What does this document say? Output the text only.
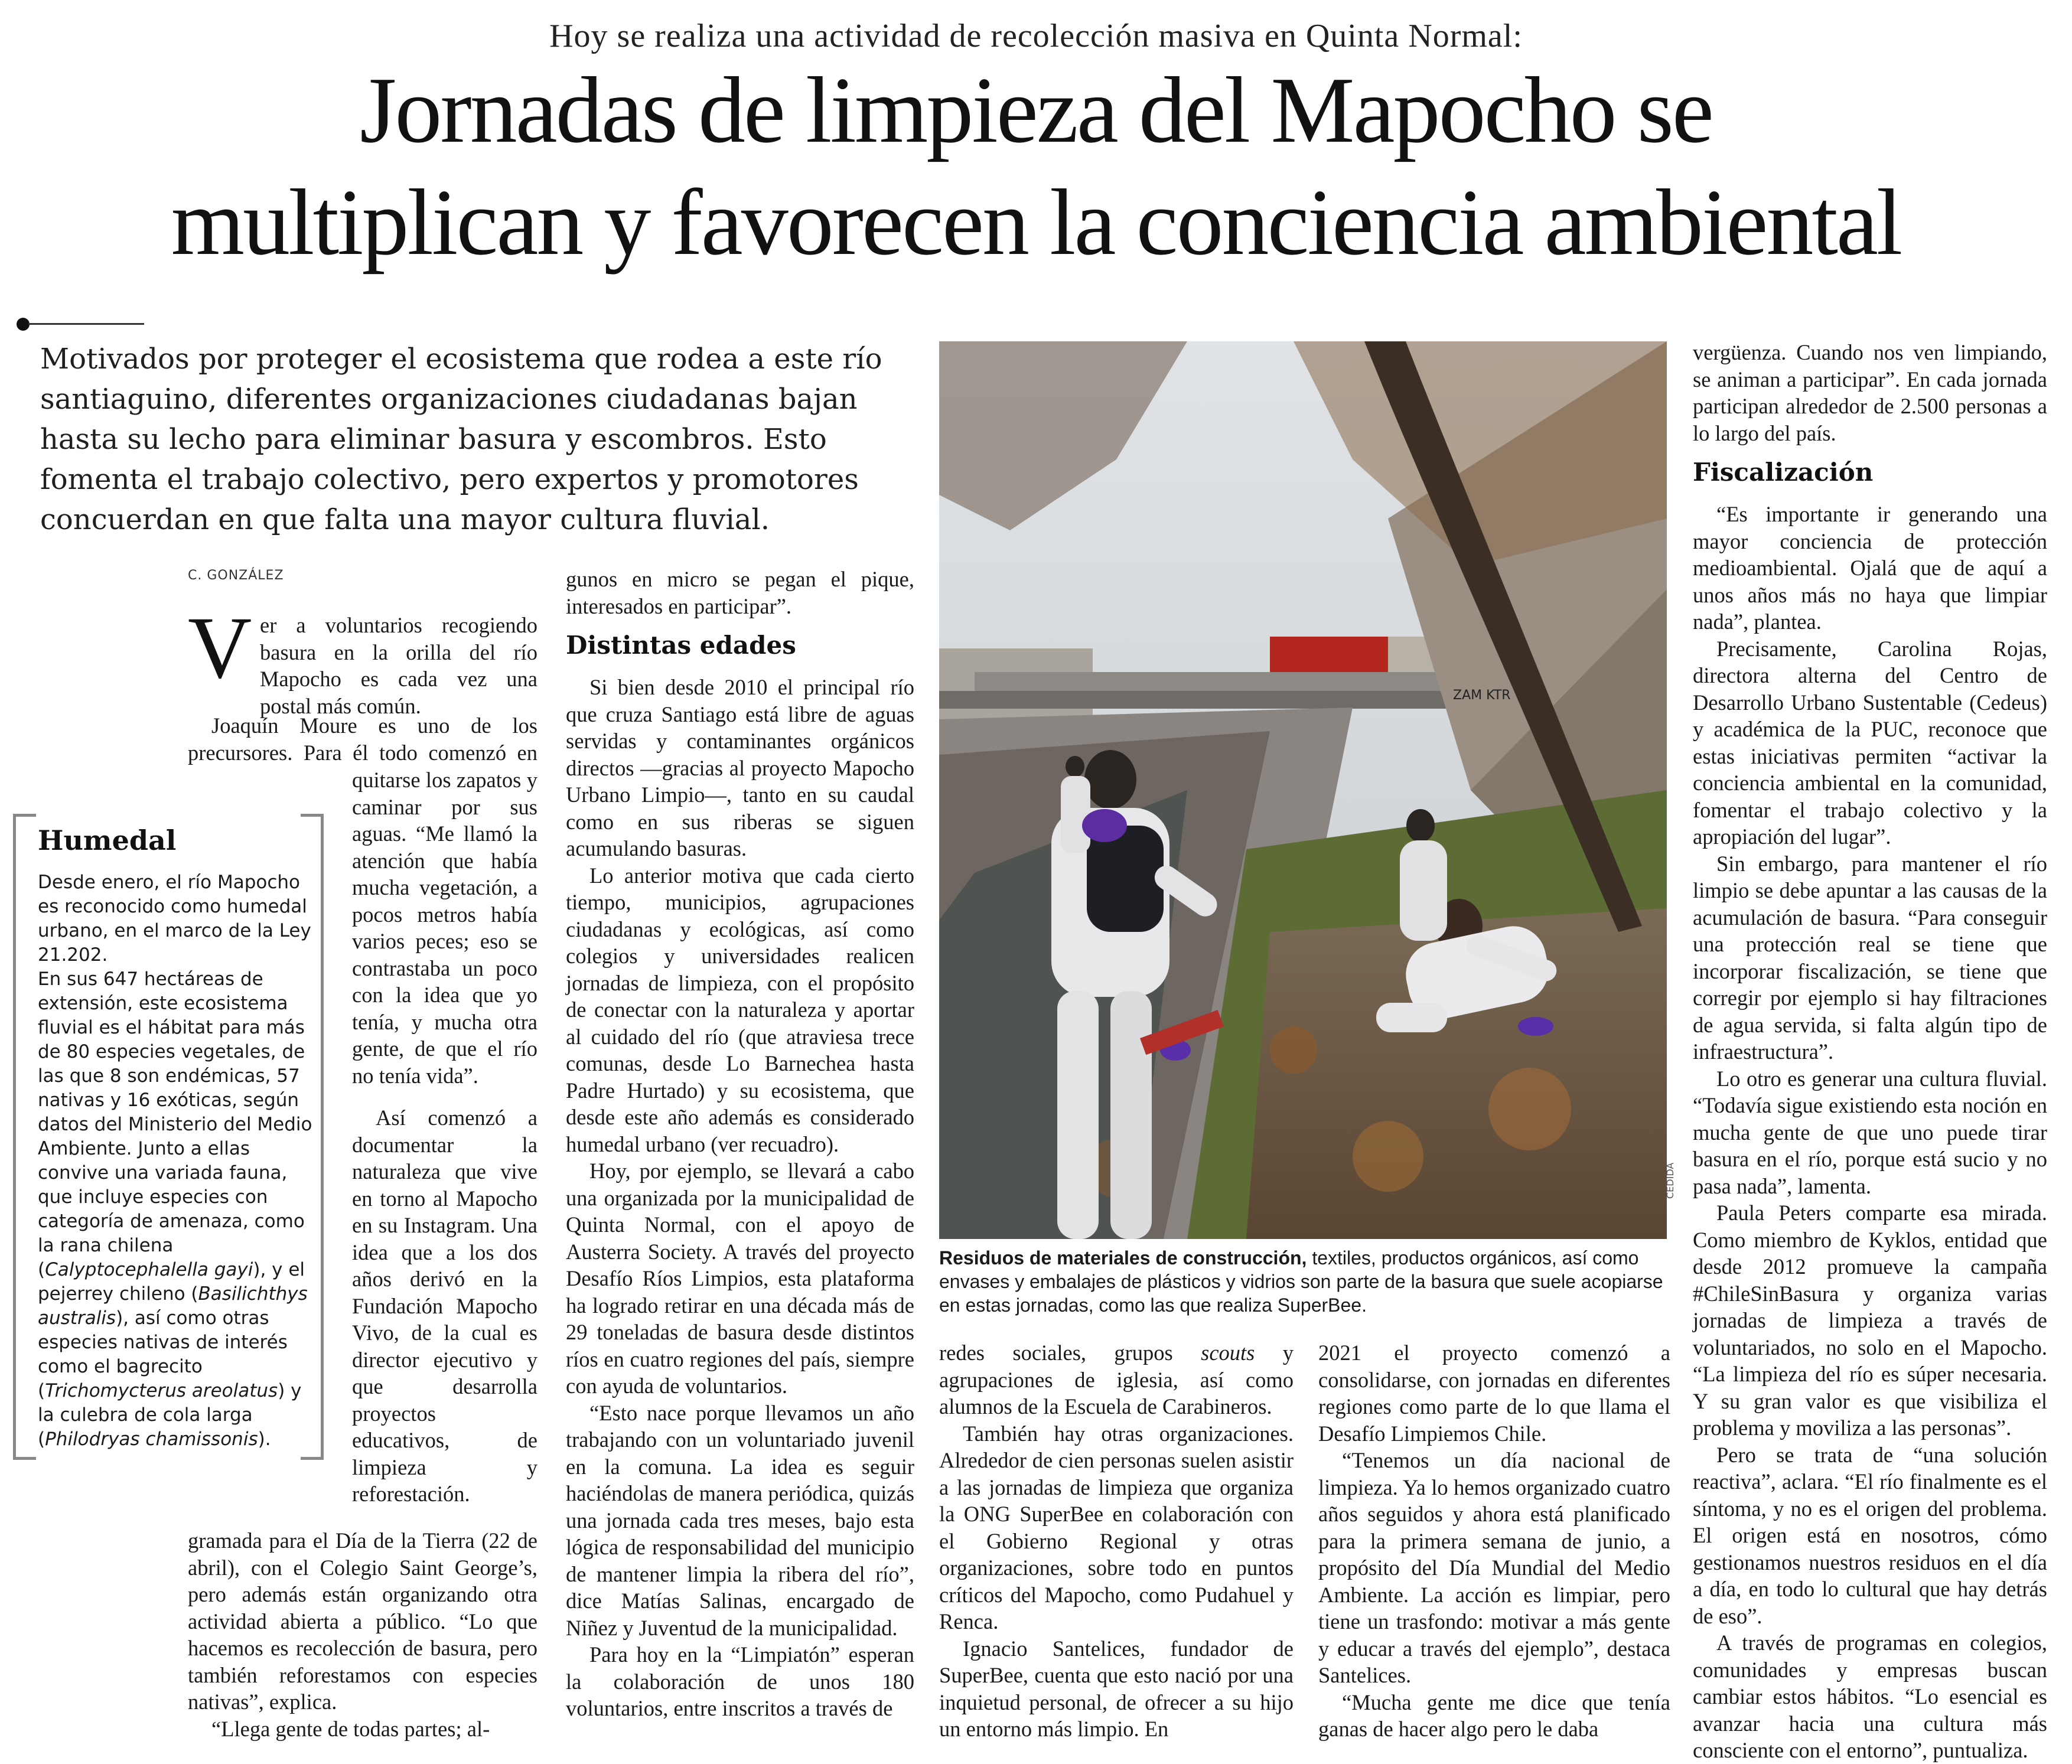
Hoy se realiza una actividad de recolección masiva en Quinta Normal:
Jornadas de limpieza del Mapocho se
multiplican y favorecen la conciencia ambiental
Motivados por proteger el ecosistema que rodea a este río santiaguino, diferentes organizaciones ciudadanas bajan hasta su lecho para eliminar basura y escombros. Esto fomenta el trabajo colectivo, pero expertos y promotores concuerdan en que falta una mayor cultura fluvial.
C. GONZÁLEZ
V er a voluntarios recogiendo basura en la orilla del río Mapocho es cada vez una postal más común.

Joaquín Moure es uno de los precursores. Para él todo comenzó en

quitarse los zapatos y caminar por sus aguas. “Me llamó la atención que había mucha vegetación, a pocos metros había varios peces; eso se contrastaba un poco con la idea que yo tenía, y mucha otra gente, de que el río no tenía vida”.

Así comenzó a documentar la naturaleza que vive en torno al Mapocho en su Instagram. Una idea que a los dos años derivó en la Fundación Mapocho Vivo, de la cual es director ejecutivo y que desarrolla proyectos educativos, de limpieza y reforestación.

gramada para el Día de la Tierra (22 de abril), con el Colegio Saint George’s, pero además están organizando otra actividad abierta a público. “Lo que hacemos es recolección de basura, pero también reforestamos con especies nativas”, explica.

“Llega gente de todas partes; al-

Humedal

Desde enero, el río Mapocho es reconocido como humedal urbano, en el marco de la Ley 21.202.

En sus 647 hectáreas de extensión, este ecosistema fluvial es el hábitat para más de 80 especies vegetales, de las que 8 son endémicas, 57 nativas y 16 exóticas, según datos del Ministerio del Medio Ambiente. Junto a ellas convive una variada fauna, que incluye especies con categoría de amenaza, como la rana chilena (Calyptocephalella gayi), y el pejerrey chileno (Basilichthys australis), así como otras especies nativas de interés como el bagrecito (Trichomycterus areolatus) y la culebra de cola larga (Philodryas chamissonis).

gunos en micro se pegan el pique, interesados en participar”.

Distintas edades

Si bien desde 2010 el principal río que cruza Santiago está libre de aguas servidas y contaminantes orgánicos directos —gracias al proyecto Mapocho Urbano Limpio—, tanto en su caudal como en sus riberas se siguen acumulando basuras.

Lo anterior motiva que cada cierto tiempo, municipios, agrupaciones ciudadanas y ecológicas, así como colegios y universidades realicen jornadas de limpieza, con el propósito de conectar con la naturaleza y aportar al cuidado del río (que atraviesa trece comunas, desde Lo Barnechea hasta Padre Hurtado) y su ecosistema, que desde este año además es considerado humedal urbano (ver recuadro).

Hoy, por ejemplo, se llevará a cabo una organizada por la municipalidad de Quinta Normal, con el apoyo de Austerra Society. A través del proyecto Desafío Ríos Limpios, esta plataforma ha logrado retirar en una década más de 29 toneladas de basura desde distintos ríos en cuatro regiones del país, siempre con ayuda de voluntarios.

“Esto nace porque llevamos un año trabajando con un voluntariado juvenil en la comuna. La idea es seguir haciéndolas de manera periódica, quizás una jornada cada tres meses, bajo esta lógica de responsabilidad del municipio de mantener limpia la ribera del río”, dice Matías Salinas, encargado de Niñez y Juventud de la municipalidad.

Para hoy en la “Limpiatón” esperan la colaboración de unos 180 voluntarios, entre inscritos a través de

ZAM KTR
CEDIDA
Residuos de materiales de construcción, textiles, productos orgánicos, así como envases y embalajes de plásticos y vidrios son parte de la basura que suele acopiarse en estas jornadas, como las que realiza SuperBee.

redes sociales, grupos scouts y agrupaciones de iglesia, así como alumnos de la Escuela de Carabineros.

También hay otras organizaciones. Alrededor de cien personas suelen asistir a las jornadas de limpieza que organiza la ONG SuperBee en colaboración con el Gobierno Regional y otras organizaciones, sobre todo en puntos críticos del Mapocho, como Pudahuel y Renca.

Ignacio Santelices, fundador de SuperBee, cuenta que esto nació por una inquietud personal, de ofrecer a su hijo un entorno más limpio. En

2021 el proyecto comenzó a consolidarse, con jornadas en diferentes regiones como parte de lo que llama el Desafío Limpiemos Chile.

“Tenemos un día nacional de limpieza. Ya lo hemos organizado cuatro años seguidos y ahora está planificado para la primera semana de junio, a propósito del Día Mundial del Medio Ambiente. La acción es limpiar, pero tiene un trasfondo: motivar a más gente y educar a través del ejemplo”, destaca Santelices.

“Mucha gente me dice que tenía ganas de hacer algo pero le daba

vergüenza. Cuando nos ven limpiando, se animan a participar”. En cada jornada participan alrededor de 2.500 personas a lo largo del país.

Fiscalización

“Es importante ir generando una mayor conciencia de protección medioambiental. Ojalá que de aquí a unos años más no haya que limpiar nada”, plantea.

Precisamente, Carolina Rojas, directora alterna del Centro de Desarrollo Urbano Sustentable (Cedeus) y académica de la PUC, reconoce que estas iniciativas permiten “activar la conciencia ambiental en la comunidad, fomentar el trabajo colectivo y la apropiación del lugar”.

Sin embargo, para mantener el río limpio se debe apuntar a las causas de la acumulación de basura. “Para conseguir una protección real se tiene que incorporar fiscalización, se tiene que corregir por ejemplo si hay filtraciones de agua servida, si falta algún tipo de infraestructura”.

Lo otro es generar una cultura fluvial. “Todavía sigue existiendo esta noción en mucha gente de que uno puede tirar basura en el río, porque está sucio y no pasa nada”, lamenta.

Paula Peters comparte esa mirada. Como miembro de Kyklos, entidad que desde 2012 promueve la campaña #ChileSinBasura y organiza varias jornadas de limpieza a través de voluntariados, no solo en el Mapocho. “La limpieza del río es súper necesaria. Y su gran valor es que visibiliza el problema y moviliza a las personas”.

Pero se trata de “una solución reactiva”, aclara. “El río finalmente es el síntoma, y no es el origen del problema. El origen está en nosotros, cómo gestionamos nuestros residuos en el día a día, en todo lo cultural que hay detrás de eso”.

A través de programas en colegios, comunidades y empresas buscan cambiar estos hábitos. “Lo esencial es avanzar hacia una cultura más consciente con el entorno”, puntualiza.
